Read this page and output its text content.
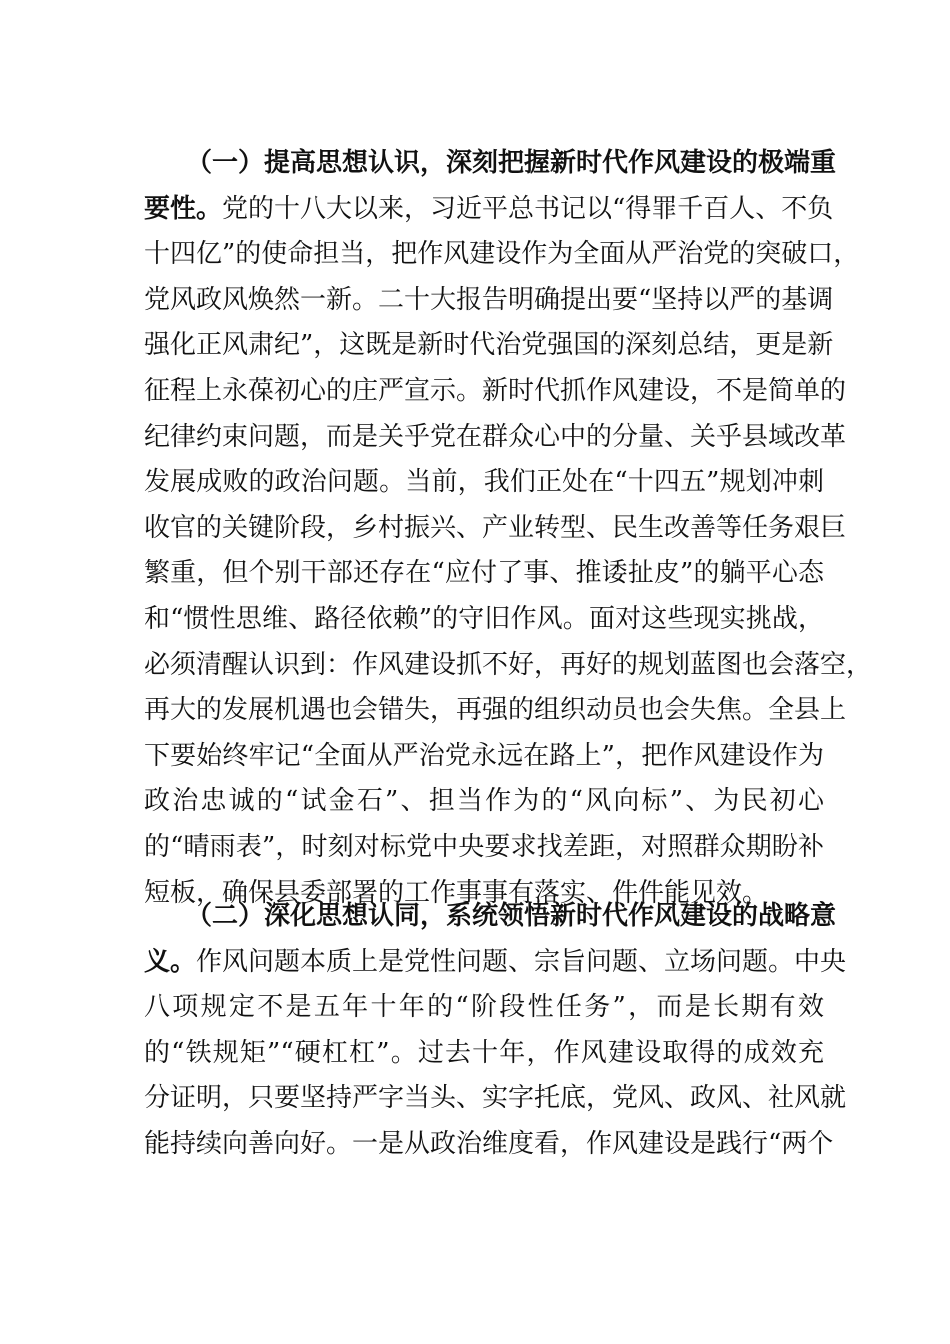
（一）提高思想认识，深刻把握新时代作风建设的极端重
要性。党的十八大以来，习近平总书记以“得罪千百人、不负
十四亿”的使命担当，把作风建设作为全面从严治党的突破口，
党风政风焕然一新。二十大报告明确提出要“坚持以严的基调
强化正风肃纪”，这既是新时代治党强国的深刻总结，更是新
征程上永葆初心的庄严宣示。新时代抓作风建设，不是简单的
纪律约束问题，而是关乎党在群众心中的分量、关乎县域改革
发展成败的政治问题。当前，我们正处在“十四五”规划冲刺
收官的关键阶段，乡村振兴、产业转型、民生改善等任务艰巨
繁重，但个别干部还存在“应付了事、推诿扯皮”的躺平心态
和“惯性思维、路径依赖”的守旧作风。面对这些现实挑战，
必须清醒认识到：作风建设抓不好，再好的规划蓝图也会落空，
再大的发展机遇也会错失，再强的组织动员也会失焦。全县上
下要始终牢记“全面从严治党永远在路上”，把作风建设作为
政治忠诚的“试金石”、担当作为的“风向标”、为民初心
的“晴雨表”，时刻对标党中央要求找差距，对照群众期盼补
短板，确保县委部署的工作事事有落实、件件能见效。
（二）深化思想认同，系统领悟新时代作风建设的战略意
义。作风问题本质上是党性问题、宗旨问题、立场问题。中央
八项规定不是五年十年的“阶段性任务”，而是长期有效
的“铁规矩”“硬杠杠”。过去十年，作风建设取得的成效充
分证明，只要坚持严字当头、实字托底，党风、政风、社风就
能持续向善向好。一是从政治维度看，作风建设是践行“两个
